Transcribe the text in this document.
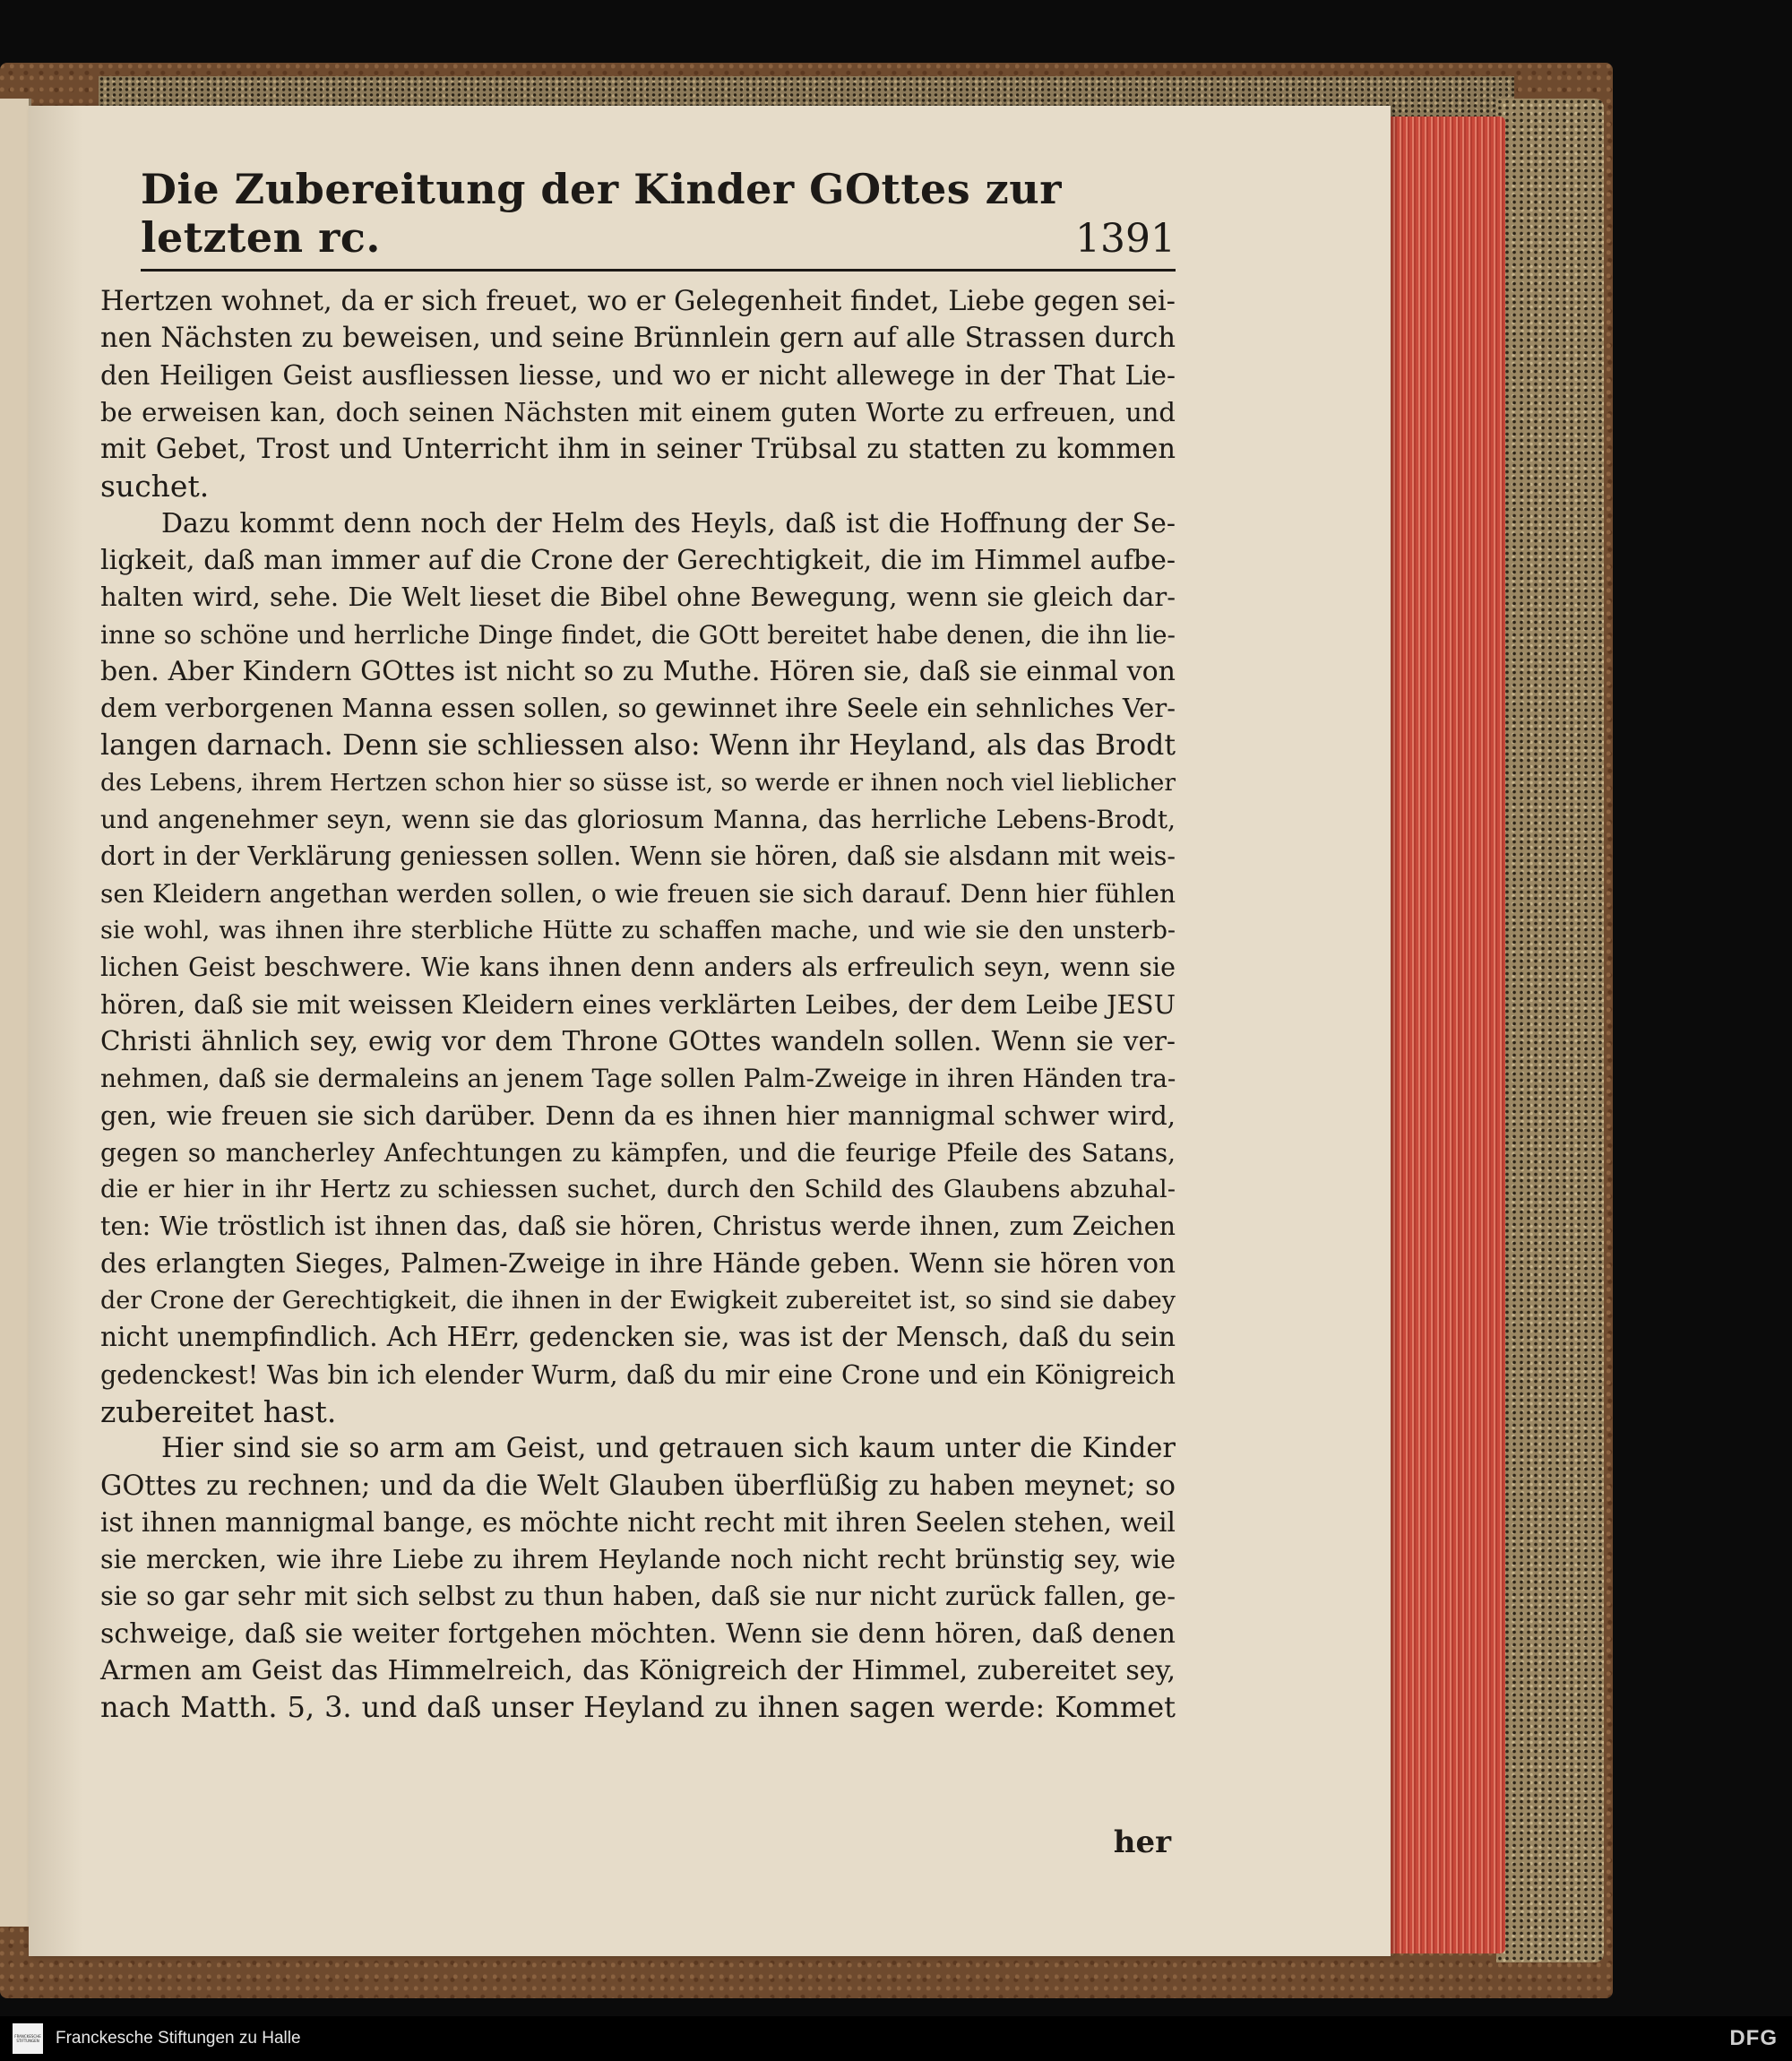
Die Zubereitung der Kinder GOttes zur letzten rc.	1391

Hertzen wohnet, da er sich freuet, wo er Gelegenheit findet, Liebe gegen sei-
nen Nächsten zu beweisen, und seine Brünnlein gern auf alle Strassen durch
den Heiligen Geist ausfliessen liesse, und wo er nicht allewege in der That Lie-
be erweisen kan, doch seinen Nächsten mit einem guten Worte zu erfreuen, und
mit Gebet, Trost und Unterricht ihm in seiner Trübsal zu statten zu kommen
suchet.

Dazu kommt denn noch der Helm des Heyls, daß ist die Hoffnung der Se-
ligkeit, daß man immer auf die Crone der Gerechtigkeit, die im Himmel aufbe-
halten wird, sehe. Die Welt lieset die Bibel ohne Bewegung, wenn sie gleich dar-
inne so schöne und herrliche Dinge findet, die GOtt bereitet habe denen, die ihn lie-
ben. Aber Kindern GOttes ist nicht so zu Muthe. Hören sie, daß sie einmal von
dem verborgenen Manna essen sollen, so gewinnet ihre Seele ein sehnliches Ver-
langen darnach. Denn sie schliessen also: Wenn ihr Heyland, als das Brodt
des Lebens, ihrem Hertzen schon hier so süsse ist, so werde er ihnen noch viel lieblicher
und angenehmer seyn, wenn sie das gloriosum Manna, das herrliche Lebens-Brodt,
dort in der Verklärung geniessen sollen. Wenn sie hören, daß sie alsdann mit weis-
sen Kleidern angethan werden sollen, o wie freuen sie sich darauf. Denn hier fühlen
sie wohl, was ihnen ihre sterbliche Hütte zu schaffen mache, und wie sie den unsterb-
lichen Geist beschwere. Wie kans ihnen denn anders als erfreulich seyn, wenn sie
hören, daß sie mit weissen Kleidern eines verklärten Leibes, der dem Leibe JESU
Christi ähnlich sey, ewig vor dem Throne GOttes wandeln sollen. Wenn sie ver-
nehmen, daß sie dermaleins an jenem Tage sollen Palm-Zweige in ihren Händen tra-
gen, wie freuen sie sich darüber. Denn da es ihnen hier mannigmal schwer wird,
gegen so mancherley Anfechtungen zu kämpfen, und die feurige Pfeile des Satans,
die er hier in ihr Hertz zu schiessen suchet, durch den Schild des Glaubens abzuhal-
ten: Wie tröstlich ist ihnen das, daß sie hören, Christus werde ihnen, zum Zeichen
des erlangten Sieges, Palmen-Zweige in ihre Hände geben. Wenn sie hören von
der Crone der Gerechtigkeit, die ihnen in der Ewigkeit zubereitet ist, so sind sie dabey
nicht unempfindlich. Ach HErr, gedencken sie, was ist der Mensch, daß du sein
gedenckest! Was bin ich elender Wurm, daß du mir eine Crone und ein Königreich
zubereitet hast.

Hier sind sie so arm am Geist, und getrauen sich kaum unter die Kinder
GOttes zu rechnen; und da die Welt Glauben überflüßig zu haben meynet; so
ist ihnen mannigmal bange, es möchte nicht recht mit ihren Seelen stehen, weil
sie mercken, wie ihre Liebe zu ihrem Heylande noch nicht recht brünstig sey, wie
sie so gar sehr mit sich selbst zu thun haben, daß sie nur nicht zurück fallen, ge-
schweige, daß sie weiter fortgehen möchten. Wenn sie denn hören, daß denen
Armen am Geist das Himmelreich, das Königreich der Himmel, zubereitet sey,
nach Matth. 5, 3. und daß unser Heyland zu ihnen sagen werde: Kommet

her
FRANCKESCHE STIFTUNGEN Franckesche Stiftungen zu Halle	DFG
